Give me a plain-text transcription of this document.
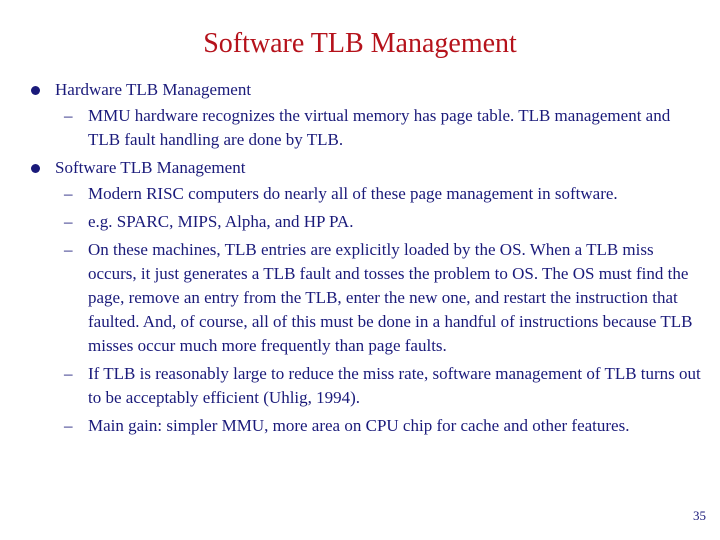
Software TLB Management
Hardware TLB Management
– MMU hardware recognizes the virtual memory has page table. TLB management and TLB fault handling are done by TLB.
Software TLB Management
– Modern RISC computers do nearly all of these page management in software.
– e.g. SPARC, MIPS, Alpha, and HP PA.
– On these machines, TLB entries are explicitly loaded by the OS. When a TLB miss occurs, it just generates a TLB fault and tosses the problem to OS. The OS must find the page, remove an entry from the TLB, enter the new one, and restart the instruction that faulted. And, of course, all of this must be done in a handful of instructions because TLB misses occur much more frequently than page faults.
– If TLB is reasonably large to reduce the miss rate, software management of TLB turns out to be acceptably efficient (Uhlig, 1994).
– Main gain: simpler MMU, more area on CPU chip for cache and other features.
35
